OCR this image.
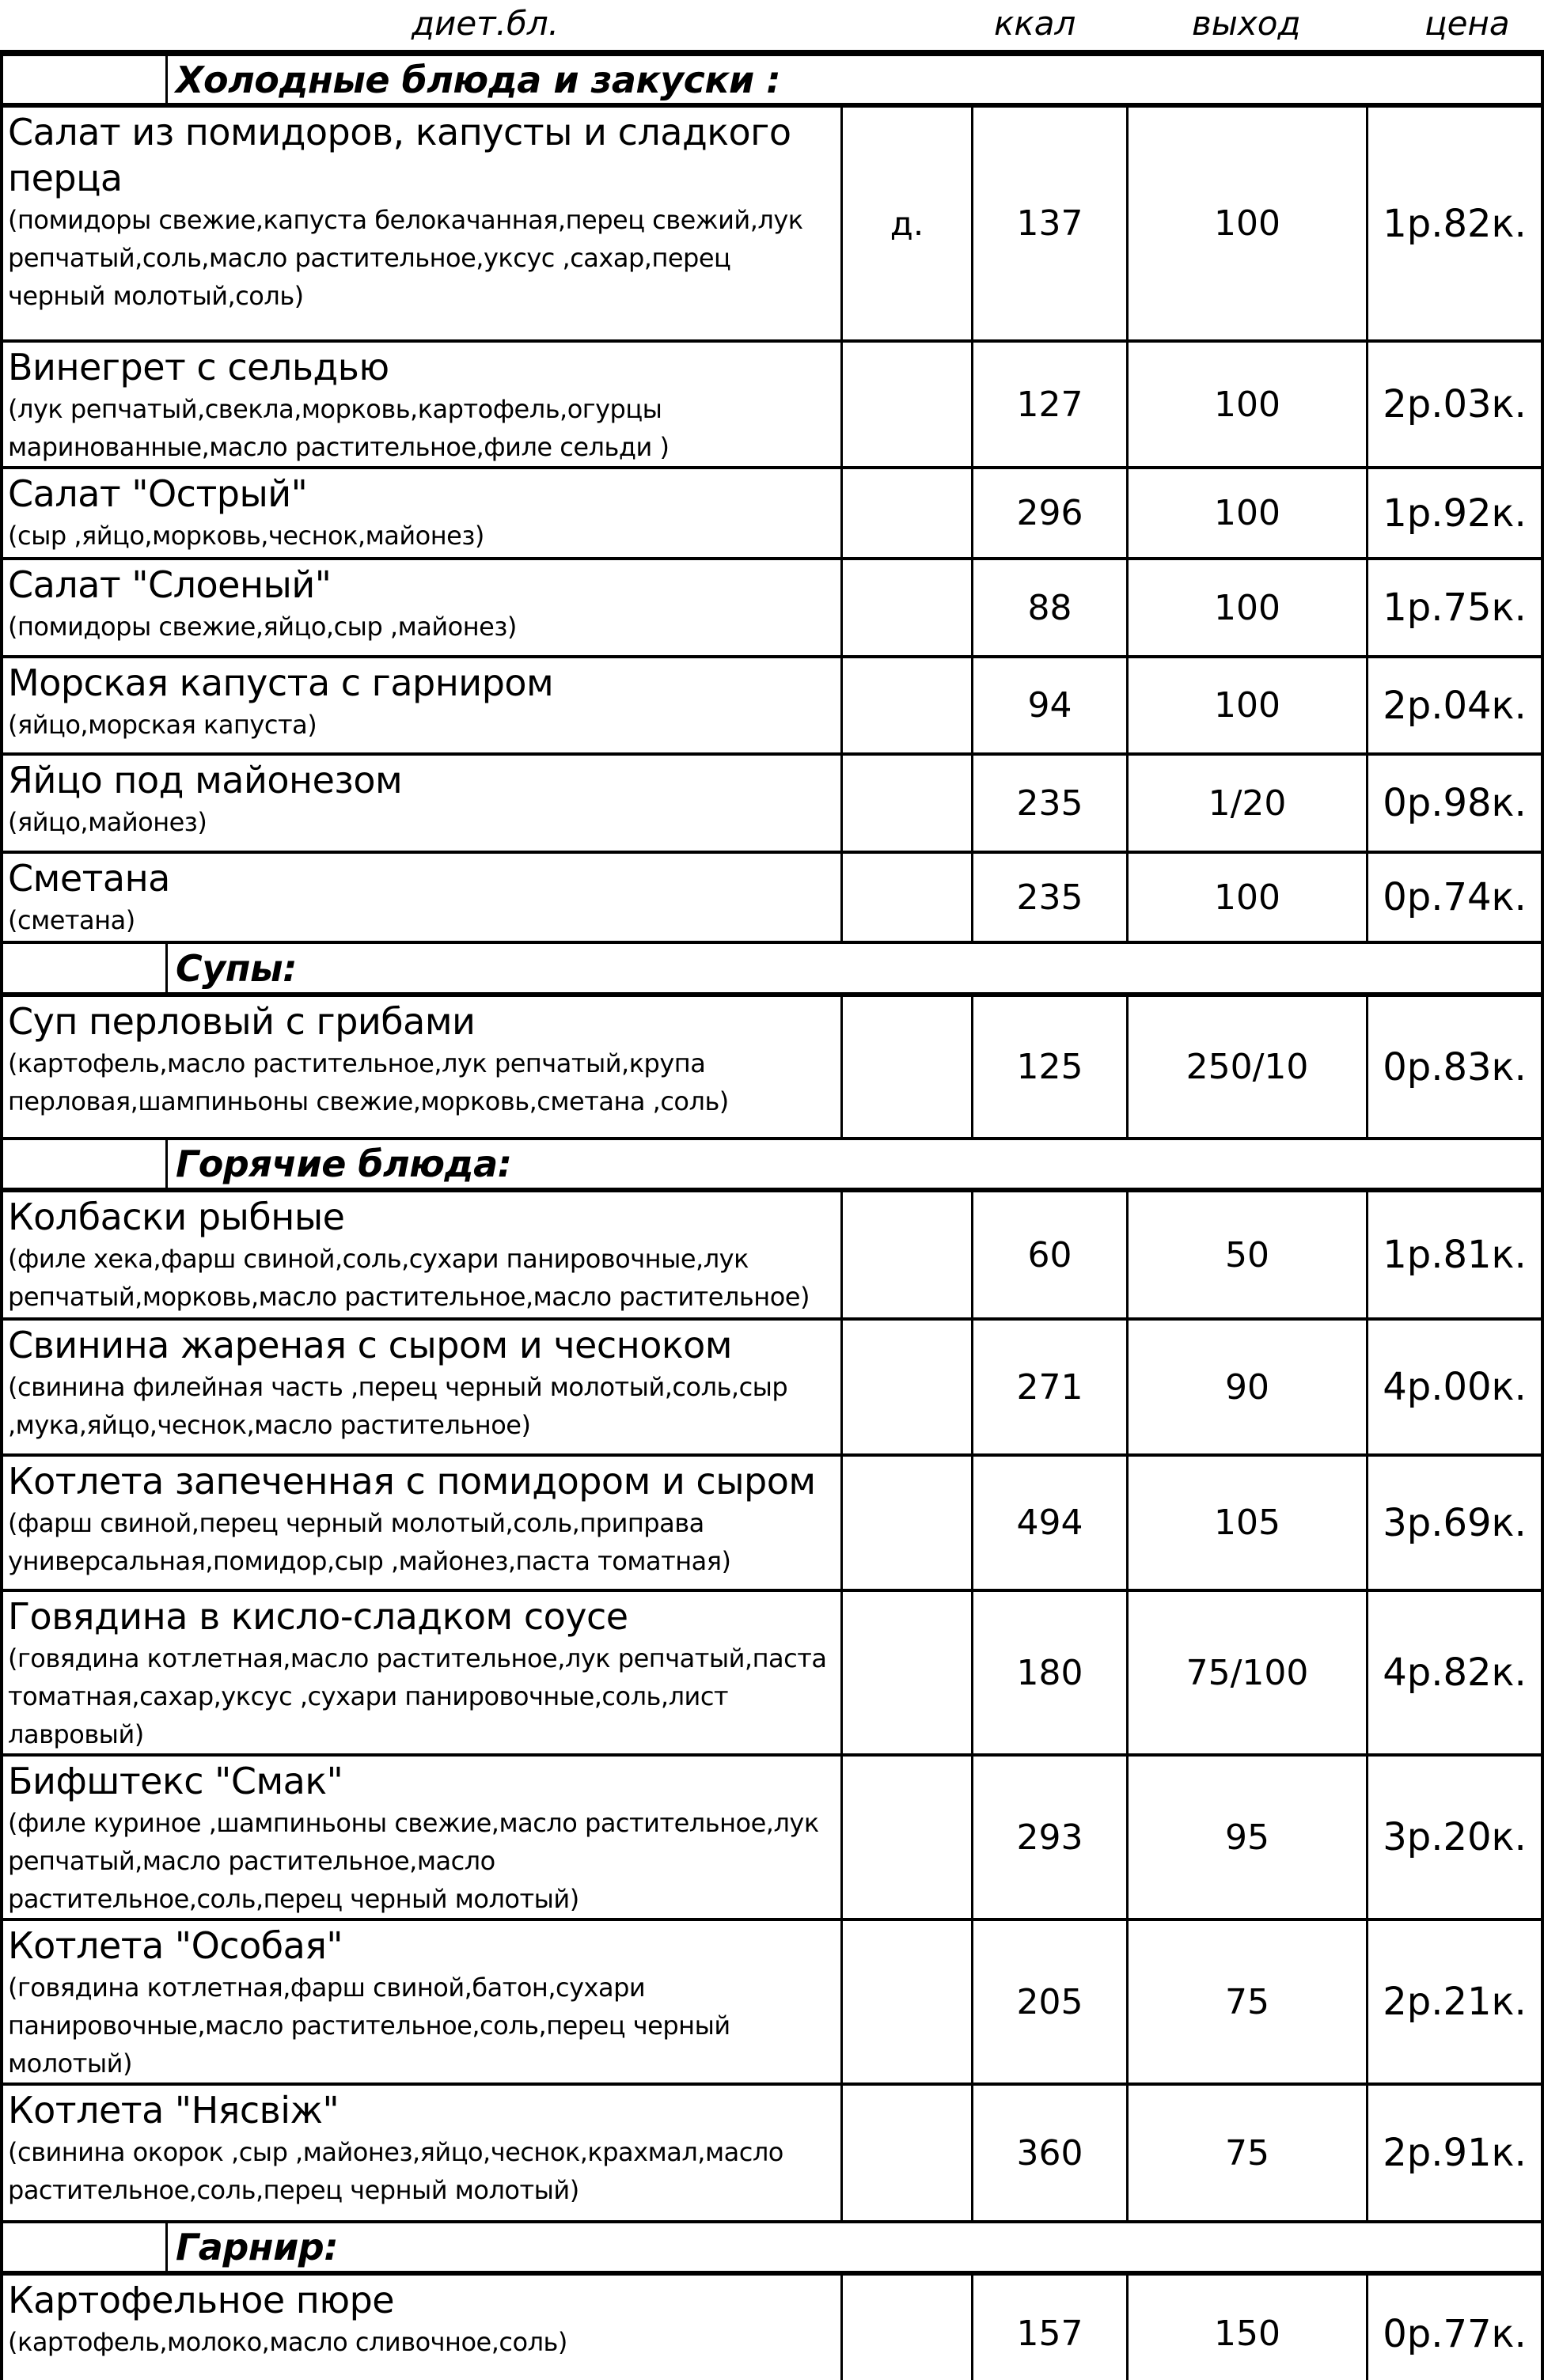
диет.бл.	ккал	выход	цена
Холодные блюда и закуски :
Салат из помидоров, капусты и сладкого перца
(помидоры свежие,капуста белокачанная,перец свежий,лук репчатый,соль,масло растительное,уксус ,сахар,перец черный молотый,соль)
д.	137	100	1р.82к.
Винегрет с сельдью
(лук репчатый,свекла,морковь,картофель,огурцы маринованные,масло растительное,филе сельди )
127	100	2р.03к.
Салат "Острый"
(сыр ,яйцо,морковь,чеснок,майонез)
296	100	1р.92к.
Салат "Слоеный"
(помидоры свежие,яйцо,сыр ,майонез)	88	100	1р.75к.
Морская капуста с гарниром
(яйцо,морская капуста)	94	100	2р.04к.
Яйцо под майонезом
(яйцо,майонез)	235	1/20	0р.98к.
Сметана
(сметана)
235	100	0р.74к.
Супы:
Суп перловый с грибами
(картофель,масло растительное,лук репчатый,крупа перловая,шампиньоны свежие,морковь,сметана ,соль)
125	250/10	0р.83к.
Горячие блюда:
Колбаски рыбные
(филе хека,фарш свиной,соль,сухари панировочные,лук репчатый,морковь,масло растительное,масло растительное)
60	50	1р.81к.
Свинина жареная с сыром и чесноком
(свинина филейная часть ,перец черный молотый,соль,сыр ,мука,яйцо,чеснок,масло растительное)
271	90	4р.00к.
Котлета запеченная с помидором и сыром
(фарш свиной,перец черный молотый,соль,приправа универсальная,помидор,сыр ,майонез,паста томатная)
494	105	3р.69к.
Говядина в кисло-сладком соусе
(говядина котлетная,масло растительное,лук репчатый,паста томатная,сахар,уксус ,сухари панировочные,соль,лист лавровый)
180	75/100	4р.82к.
Бифштекс "Смак"
(филе куриное ,шампиньоны свежие,масло растительное,лук репчатый,масло растительное,масло растительное,соль,перец черный молотый)
293	95	3р.20к.
Котлета "Особая"
(говядина котлетная,фарш свиной,батон,сухари панировочные,масло растительное,соль,перец черный молотый)
205	75	2р.21к.
Котлета "Нясвіж"
(свинина окорок ,сыр ,майонез,яйцо,чеснок,крахмал,масло растительное,соль,перец черный молотый)
360	75	2р.91к.
Гарнир:
Картофельное пюре
(картофель,молоко,масло сливочное,соль)	157	150	0р.77к.
